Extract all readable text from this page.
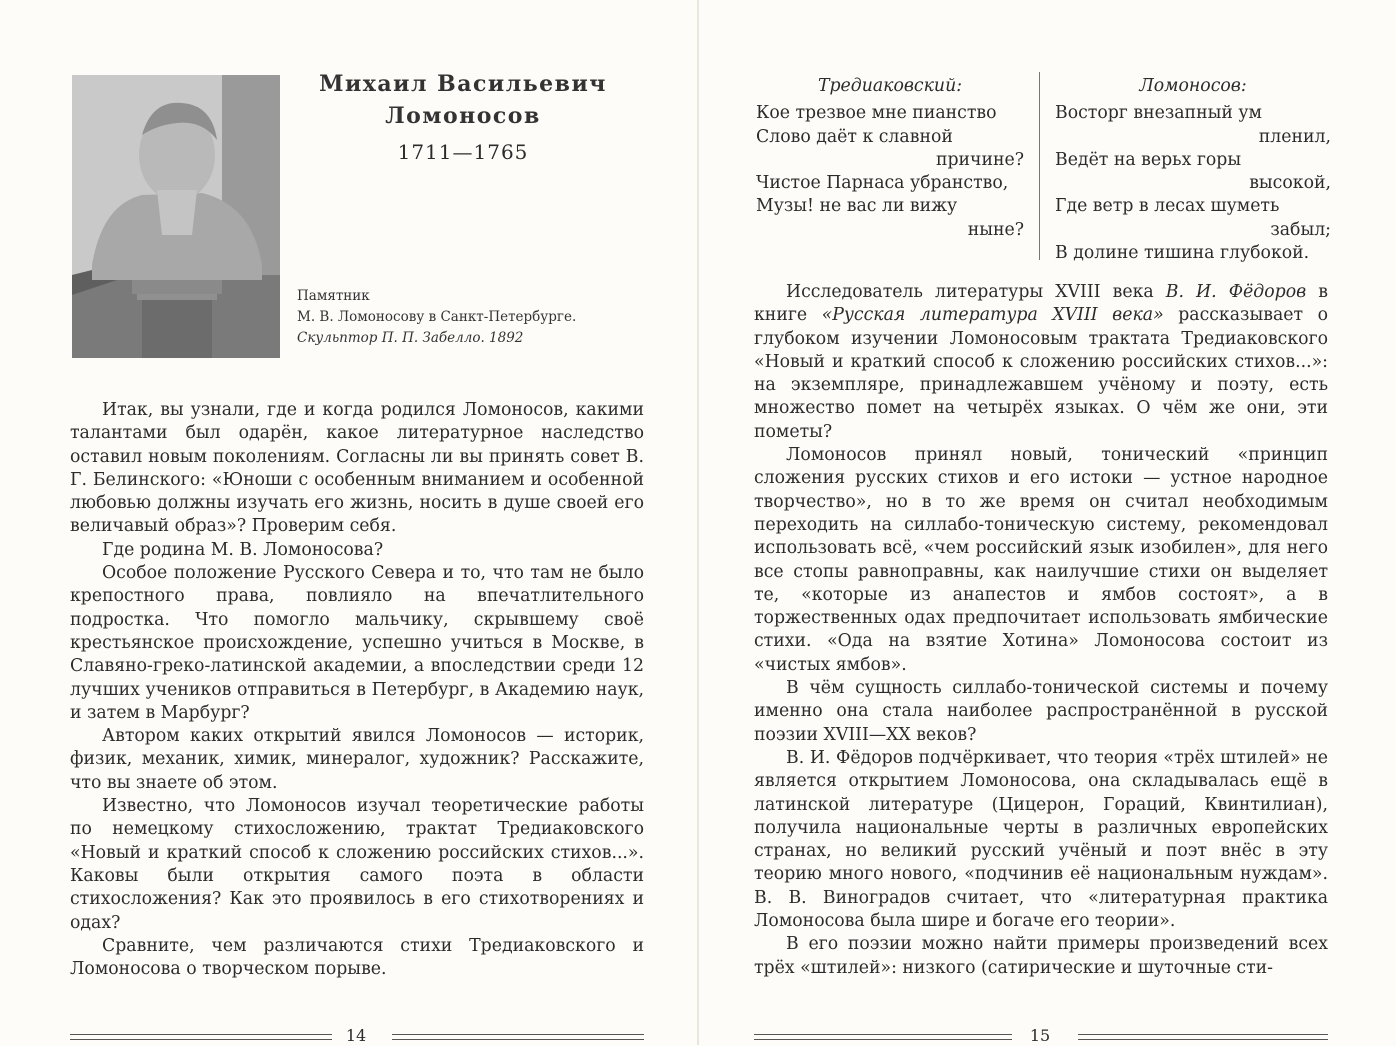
Михаил Васильевич
Ломоносов
1711—1765
Памятник
М. В. Ломоносову в Санкт-Петербурге.
Скульптор П. П. Забелло. 1892

Итак, вы узнали, где и когда родился Ломоносов, какими талантами был одарён, какое литературное наследство оставил новым поколениям. Согласны ли вы принять совет В. Г. Белинского: «Юноши с особенным вниманием и особенной любовью должны изучать его жизнь, носить в душе своей его величавый образ»? Проверим себя.

Где родина М. В. Ломоносова?

Особое положение Русского Севера и то, что там не было крепостного права, повлияло на впечатлительного подростка. Что помогло мальчику, скрывшему своё крестьянское происхождение, успешно учиться в Москве, в Славяно-греко-латинской академии, а впоследствии среди 12 лучших учеников отправиться в Петербург, в Академию наук, и затем в Марбург?

Автором каких открытий явился Ломоносов — историк, физик, механик, химик, минералог, художник? Расскажите, что вы знаете об этом.

Известно, что Ломоносов изучал теоретические работы по немецкому стихосложению, трактат Тредиаковского «Новый и краткий способ к сложению российских стихов...». Каковы были открытия самого поэта в области стихосложения? Как это проявилось в его стихотворениях и одах?

Сравните, чем различаются стихи Тредиаковского и Ломоносова о творческом порыве.

14
Тредиаковский:
Кое трезвое мне пианство
Слово даёт к славной
причине?
Чистое Парнаса убранство,
Музы! не вас ли вижу
ныне?
Ломоносов:
Восторг внезапный ум
пленил,
Ведёт на верьх горы
высокой,
Где ветр в лесах шуметь
забыл;
В долине тишина глубокой.

Исследователь литературы XVIII века В. И. Фёдоров в книге «Русская литература XVIII века» рассказывает о глубоком изучении Ломоносовым трактата Тредиаковского «Новый и краткий способ к сложению российских стихов...»: на экземпляре, принадлежавшем учёному и поэту, есть множество помет на четырёх языках. О чём же они, эти пометы?

Ломоносов принял новый, тонический «принцип сложения русских стихов и его истоки — устное народное творчество», но в то же время он считал необходимым переходить на силлабо-тоническую систему, рекомендовал использовать всё, «чем российский язык изобилен», для него все стопы равноправны, как наилучшие стихи он выделяет те, «которые из анапестов и ямбов состоят», а в торжественных одах предпочитает использовать ямбические стихи. «Ода на взятие Хотина» Ломоносова состоит из «чистых ямбов».

В чём сущность силлабо-тонической системы и почему именно она стала наиболее распространённой в русской поэзии XVIII—XX веков?

В. И. Фёдоров подчёркивает, что теория «трёх штилей» не является открытием Ломоносова, она складывалась ещё в латинской литературе (Цицерон, Гораций, Квинтилиан), получила национальные черты в различных европейских странах, но великий русский учёный и поэт внёс в эту теорию много нового, «подчинив её национальным нуждам». В. В. Виноградов считает, что «литературная практика Ломоносова была шире и богаче его теории».

В его поэзии можно найти примеры произведений всех трёх «штилей»: низкого (сатирические и шуточные сти-

15
